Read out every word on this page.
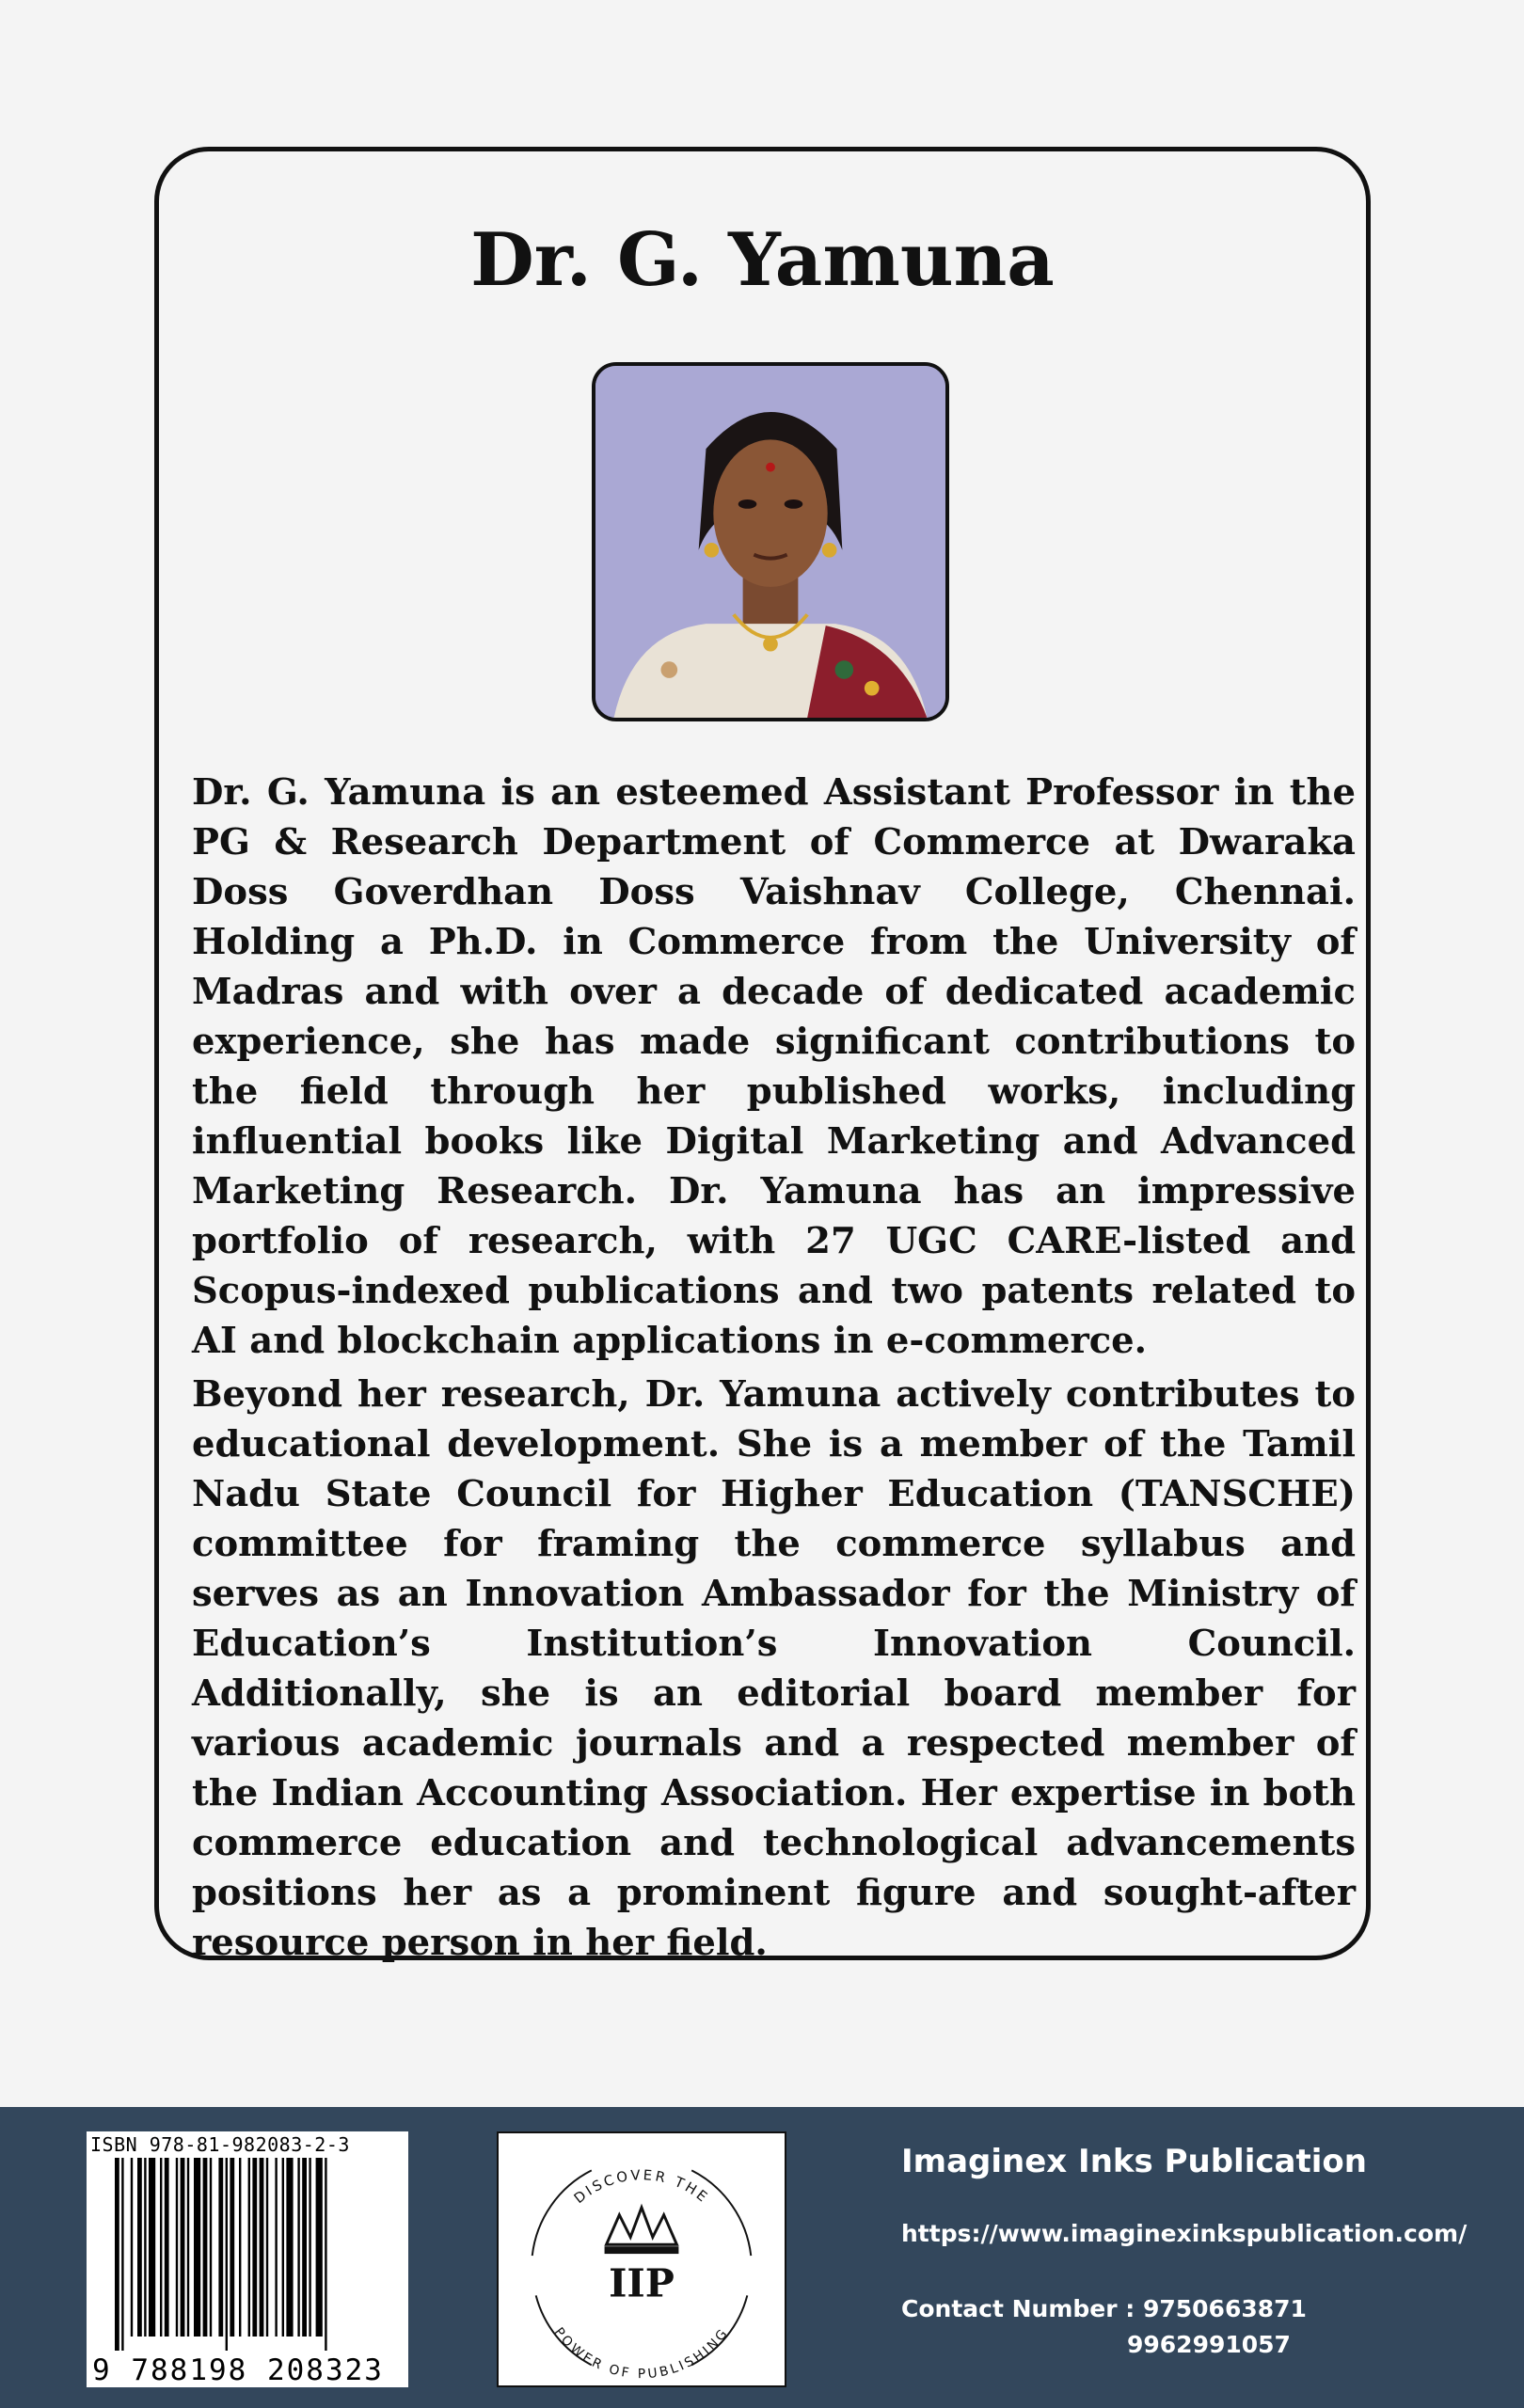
Dr. G. Yamuna

Dr. G. Yamuna is an esteemed Assistant Professor in the PG & Research Department of Commerce at Dwaraka Doss Goverdhan Doss Vaishnav College, Chennai. Holding a Ph.D. in Commerce from the University of Madras and with over a decade of dedicated academic experience, she has made significant contributions to the field through her published works, including influential books like Digital Marketing and Advanced Marketing Research. Dr. Yamuna has an impressive portfolio of research, with 27 UGC CARE-listed and Scopus-indexed publications and two patents related to AI and blockchain applications in e-commerce.

Beyond her research, Dr. Yamuna actively contributes to educational development. She is a member of the Tamil Nadu State Council for Higher Education (TANSCHE) committee for framing the commerce syllabus and serves as an Innovation Ambassador for the Ministry of Education’s Institution’s Innovation Council. Additionally, she is an editorial board member for various academic journals and a respected member of the Indian Accounting Association. Her expertise in both commerce education and technological advancements positions her as a prominent figure and sought-after resource person in her field.

ISBN 978-81-982083-2-3
9 788198 208323
DISCOVER THE
POWER OF PUBLISHING
IIP
Imaginex Inks Publication
https://www.imaginexinkspublication.com/
Contact Number : 9750663871
9962991057
